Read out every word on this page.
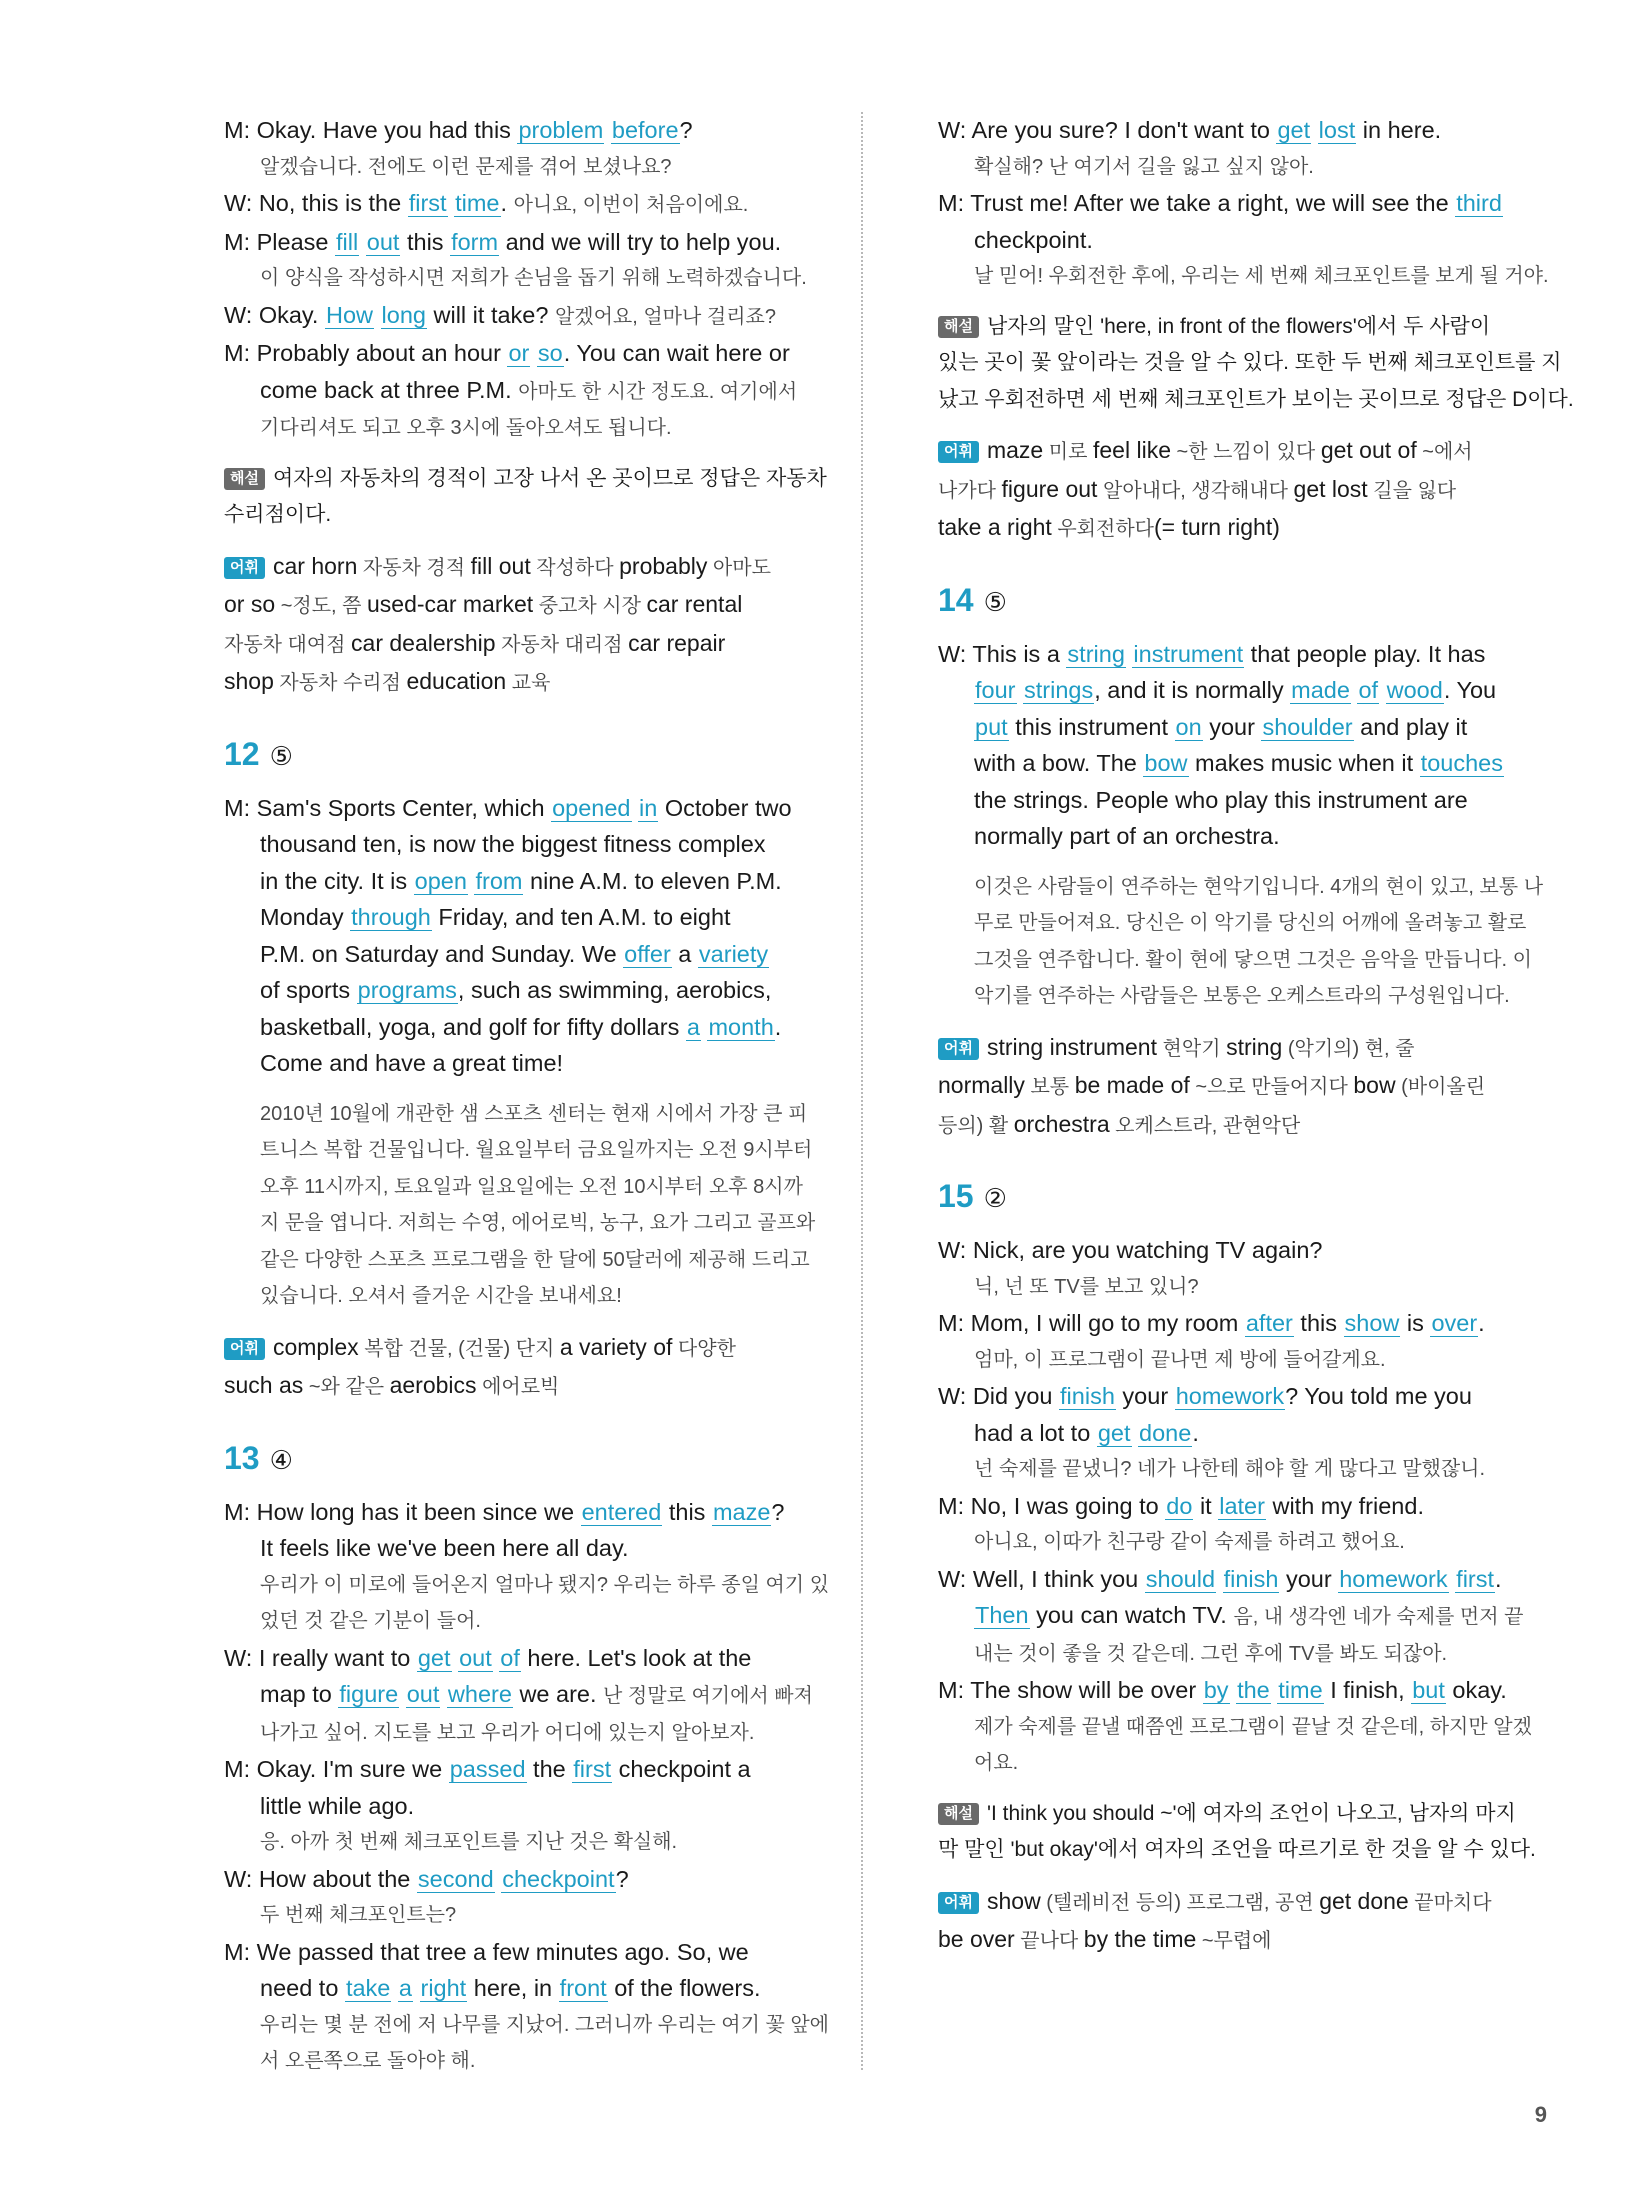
M: Okay. Have you had this problem before?
알겠습니다. 전에도 이런 문제를 겪어 보셨나요?
W: No, this is the first time. 아니요, 이번이 처음이에요.
M: Please fill out this form and we will try to help you.
이 양식을 작성하시면 저희가 손님을 돕기 위해 노력하겠습니다.
W: Okay. How long will it take? 알겠어요, 얼마나 걸리죠?
M: Probably about an hour or so. You can wait here or
come back at three P.M. 아마도 한 시간 정도요. 여기에서
기다리셔도 되고 오후 3시에 돌아오셔도 됩니다.
해설 여자의 자동차의 경적이 고장 나서 온 곳이므로 정답은 자동차
수리점이다.
어휘 car horn 자동차 경적 fill out 작성하다 probably 아마도
or so ~정도, 쯤 used-car market 중고차 시장 car rental
자동차 대여점 car dealership 자동차 대리점 car repair
shop 자동차 수리점 education 교육
12 ⑤
M: Sam's Sports Center, which opened in October two
thousand ten, is now the biggest fitness complex
in the city. It is open from nine A.M. to eleven P.M.
Monday through Friday, and ten A.M. to eight
P.M. on Saturday and Sunday. We offer a variety
of sports programs, such as swimming, aerobics,
basketball, yoga, and golf for fifty dollars a month.
Come and have a great time!
2010년 10월에 개관한 샘 스포츠 센터는 현재 시에서 가장 큰 피
트니스 복합 건물입니다. 월요일부터 금요일까지는 오전 9시부터
오후 11시까지, 토요일과 일요일에는 오전 10시부터 오후 8시까
지 문을 엽니다. 저희는 수영, 에어로빅, 농구, 요가 그리고 골프와
같은 다양한 스포츠 프로그램을 한 달에 50달러에 제공해 드리고
있습니다. 오셔서 즐거운 시간을 보내세요!
어휘 complex 복합 건물, (건물) 단지 a variety of 다양한
such as ~와 같은 aerobics 에어로빅
13 ④
M: How long has it been since we entered this maze?
It feels like we've been here all day.
우리가 이 미로에 들어온지 얼마나 됐지? 우리는 하루 종일 여기 있
었던 것 같은 기분이 들어.
W: I really want to get out of here. Let's look at the
map to figure out where we are. 난 정말로 여기에서 빠져
나가고 싶어. 지도를 보고 우리가 어디에 있는지 알아보자.
M: Okay. I'm sure we passed the first checkpoint a
little while ago.
응. 아까 첫 번째 체크포인트를 지난 것은 확실해.
W: How about the second checkpoint?
두 번째 체크포인트는?
M: We passed that tree a few minutes ago. So, we
need to take a right here, in front of the flowers.
우리는 몇 분 전에 저 나무를 지났어. 그러니까 우리는 여기 꽃 앞에
서 오른쪽으로 돌아야 해.
W: Are you sure? I don't want to get lost in here.
확실해? 난 여기서 길을 잃고 싶지 않아.
M: Trust me! After we take a right, we will see the third
checkpoint.
날 믿어! 우회전한 후에, 우리는 세 번째 체크포인트를 보게 될 거야.
해설 남자의 말인 'here, in front of the flowers'에서 두 사람이
있는 곳이 꽃 앞이라는 것을 알 수 있다. 또한 두 번째 체크포인트를 지
났고 우회전하면 세 번째 체크포인트가 보이는 곳이므로 정답은 D이다.
어휘 maze 미로 feel like ~한 느낌이 있다 get out of ~에서
나가다 figure out 알아내다, 생각해내다 get lost 길을 잃다
take a right 우회전하다(= turn right)
14 ⑤
W: This is a string instrument that people play. It has
four strings, and it is normally made of wood. You
put this instrument on your shoulder and play it
with a bow. The bow makes music when it touches
the strings. People who play this instrument are
normally part of an orchestra.
이것은 사람들이 연주하는 현악기입니다. 4개의 현이 있고, 보통 나
무로 만들어져요. 당신은 이 악기를 당신의 어깨에 올려놓고 활로
그것을 연주합니다. 활이 현에 닿으면 그것은 음악을 만듭니다. 이
악기를 연주하는 사람들은 보통은 오케스트라의 구성원입니다.
어휘 string instrument 현악기 string (악기의) 현, 줄
normally 보통 be made of ~으로 만들어지다 bow (바이올린
등의) 활 orchestra 오케스트라, 관현악단
15 ②
W: Nick, are you watching TV again?
닉, 넌 또 TV를 보고 있니?
M: Mom, I will go to my room after this show is over.
엄마, 이 프로그램이 끝나면 제 방에 들어갈게요.
W: Did you finish your homework? You told me you
had a lot to get done.
넌 숙제를 끝냈니? 네가 나한테 해야 할 게 많다고 말했잖니.
M: No, I was going to do it later with my friend.
아니요, 이따가 친구랑 같이 숙제를 하려고 했어요.
W: Well, I think you should finish your homework first.
Then you can watch TV. 음, 내 생각엔 네가 숙제를 먼저 끝
내는 것이 좋을 것 같은데. 그런 후에 TV를 봐도 되잖아.
M: The show will be over by the time I finish, but okay.
제가 숙제를 끝낼 때쯤엔 프로그램이 끝날 것 같은데, 하지만 알겠
어요.
해설 'I think you should ~'에 여자의 조언이 나오고, 남자의 마지
막 말인 'but okay'에서 여자의 조언을 따르기로 한 것을 알 수 있다.
어휘 show (텔레비전 등의) 프로그램, 공연 get done 끝마치다
be over 끝나다 by the time ~무렵에
9
